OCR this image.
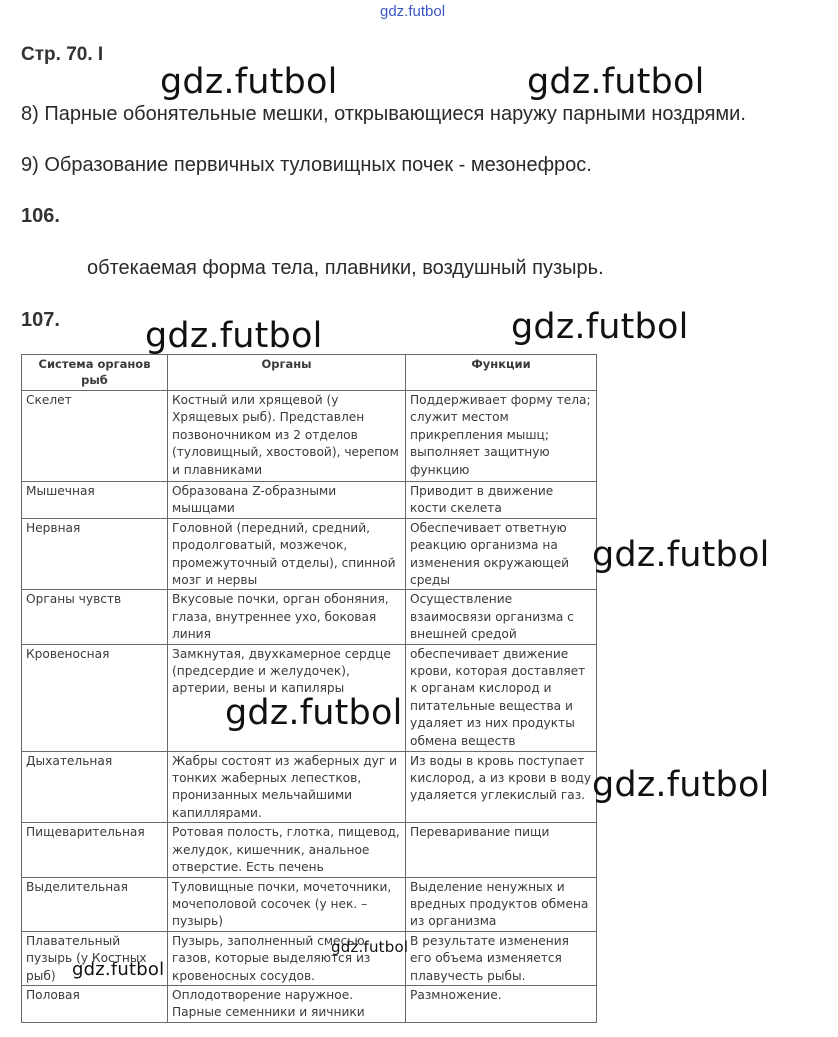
gdz.futbol
Стр. 70. I
8) Парные обонятельные мешки, открывающиеся наружу парными ноздрями.
9) Образование первичных туловищных почек - мезонефрос.
106.
обтекаемая форма тела, плавники, воздушный пузырь.
107.
Система органов рыб	Органы	Функции
Скелет	Костный или хрящевой (у Хрящевых рыб). Представлен позвоночником из 2 отделов (туловищный, хвостовой), черепом и плавниками	Поддерживает форму тела; служит местом прикрепления мышц; выполняет защитную функцию
Мышечная	Образована Z-образными мышцами	Приводит в движение кости скелета
Нервная	Головной (передний, средний, продолговатый, мозжечок, промежуточный отделы), спинной мозг и нервы	Обеспечивает ответную реакцию организма на изменения окружающей среды
Органы чувств	Вкусовые почки, орган обоняния, глаза, внутреннее ухо, боковая линия	Осуществление взаимосвязи организма с внешней средой
Кровеносная	Замкнутая, двухкамерное сердце (предсердие и желудочек), артерии, вены и капиляры	обеспечивает движение крови, которая доставляет к органам кислород и питательные вещества и удаляет из них продукты обмена веществ
Дыхательная	Жабры состоят из жаберных дуг и тонких жаберных лепестков, пронизанных мельчайшими капиллярами.	Из воды в кровь поступает кислород, а из крови в воду удаляется углекислый газ.
Пищеварительная	Ротовая полость, глотка, пищевод, желудок, кишечник, анальное отверстие. Есть печень	Переваривание пищи
Выделительная	Туловищные почки, мочеточники, мочеполовой сосочек (у нек. – пузырь)	Выделение ненужных и вредных продуктов обмена из организма
Плавательный пузырь (у Костных рыб)	Пузырь, заполненный смесью газов, которые выделяются из кровеносных сосудов.	В результате изменения его объема изменяется плавучесть рыбы.
Половая	Оплодотворение наружное. Парные семенники и яичники	Размножение.
gdz.futbol	gdz.futbol
gdz.futbol	gdz.futbol
gdz.futbol
gdz.futbol
gdz.futbol
gdz.futbol
gdz.futbol
